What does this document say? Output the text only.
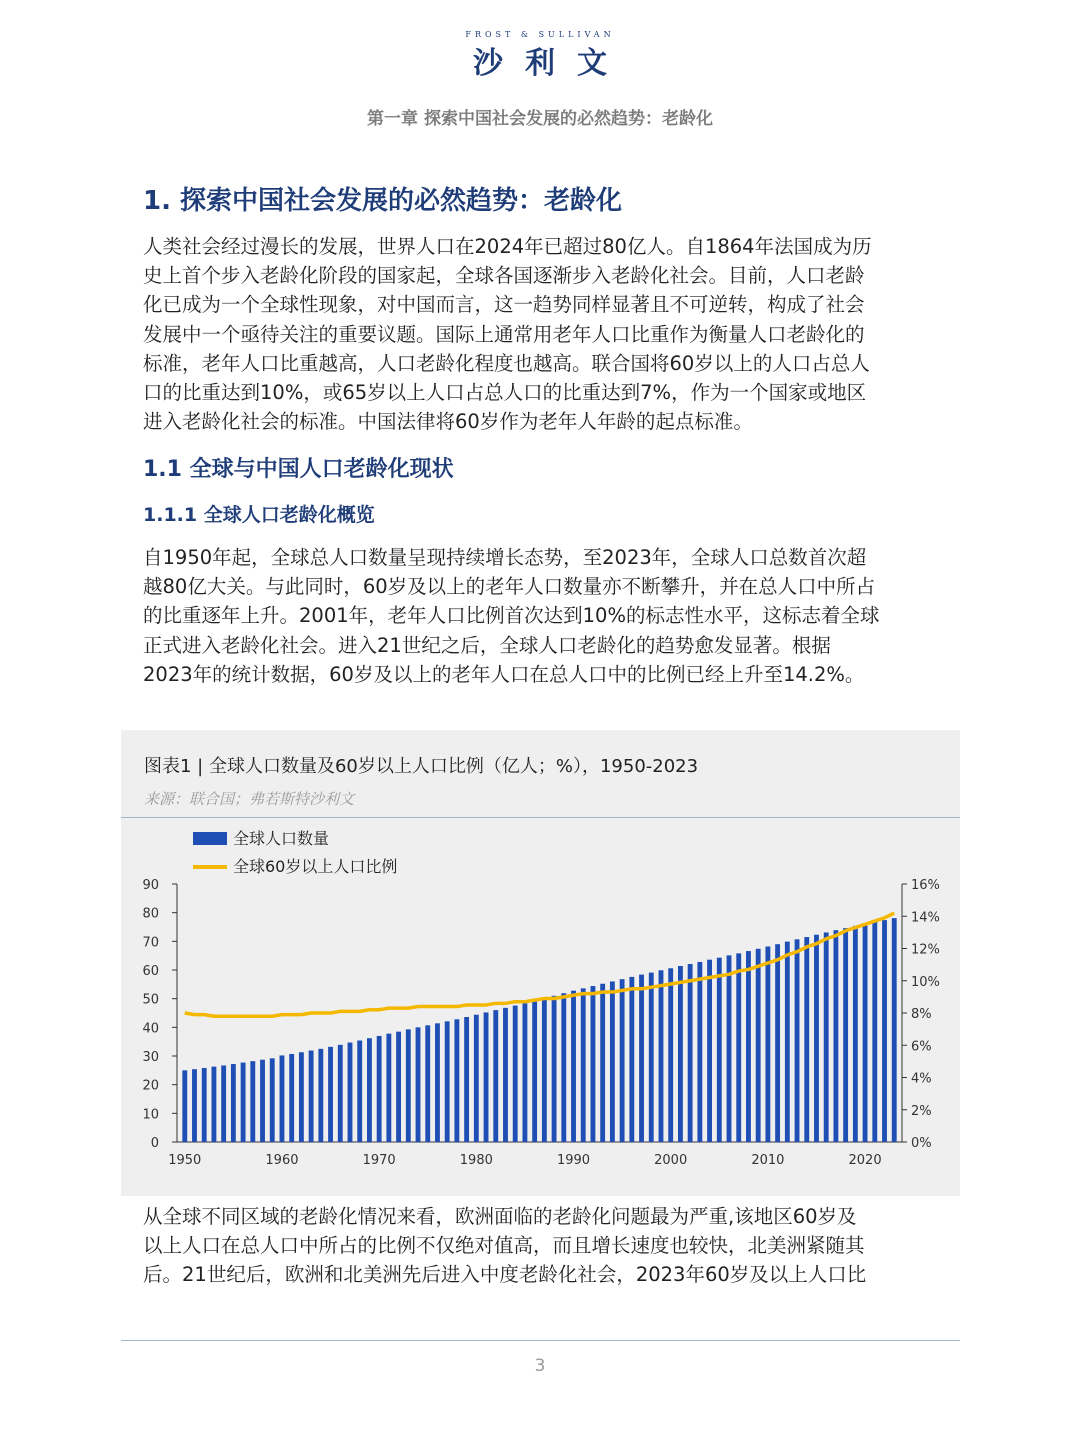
FROST & SULLIVAN
沙利文
第一章 探索中国社会发展的必然趋势：老龄化
1. 探索中国社会发展的必然趋势：老龄化
人类社会经过漫长的发展，世界人口在2024年已超过80亿人。自1864年法国成为历
史上首个步入老龄化阶段的国家起，全球各国逐渐步入老龄化社会。目前，人口老龄
化已成为一个全球性现象，对中国而言，这一趋势同样显著且不可逆转，构成了社会
发展中一个亟待关注的重要议题。国际上通常用老年人口比重作为衡量人口老龄化的
标准，老年人口比重越高，人口老龄化程度也越高。联合国将60岁以上的人口占总人
口的比重达到10%，或65岁以上人口占总人口的比重达到7%，作为一个国家或地区
进入老龄化社会的标准。中国法律将60岁作为老年人年龄的起点标准。
1.1 全球与中国人口老龄化现状
1.1.1 全球人口老龄化概览
自1950年起，全球总人口数量呈现持续增长态势，至2023年，全球人口总数首次超
越80亿大关。与此同时，60岁及以上的老年人口数量亦不断攀升，并在总人口中所占
的比重逐年上升。2001年，老年人口比例首次达到10%的标志性水平，这标志着全球
正式进入老龄化社会。进入21世纪之后，全球人口老龄化的趋势愈发显著。根据
2023年的统计数据，60岁及以上的老年人口在总人口中的比例已经上升至14.2%。
图表1 | 全球人口数量及60岁以上人口比例（亿人；%），1950-2023
来源：联合国；弗若斯特沙利文
全球人口数量
全球60岁以上人口比例
0
10
20
30
40
50
60
70
80
90
0%
2%
4%
6%
8%
10%
12%
14%
16%
1950	1960	1970	1980	1990	2000	2010	2020
从全球不同区域的老龄化情况来看，欧洲面临的老龄化问题最为严重,该地区60岁及
以上人口在总人口中所占的比例不仅绝对值高，而且增长速度也较快，北美洲紧随其
后。21世纪后，欧洲和北美洲先后进入中度老龄化社会，2023年60岁及以上人口比
3
